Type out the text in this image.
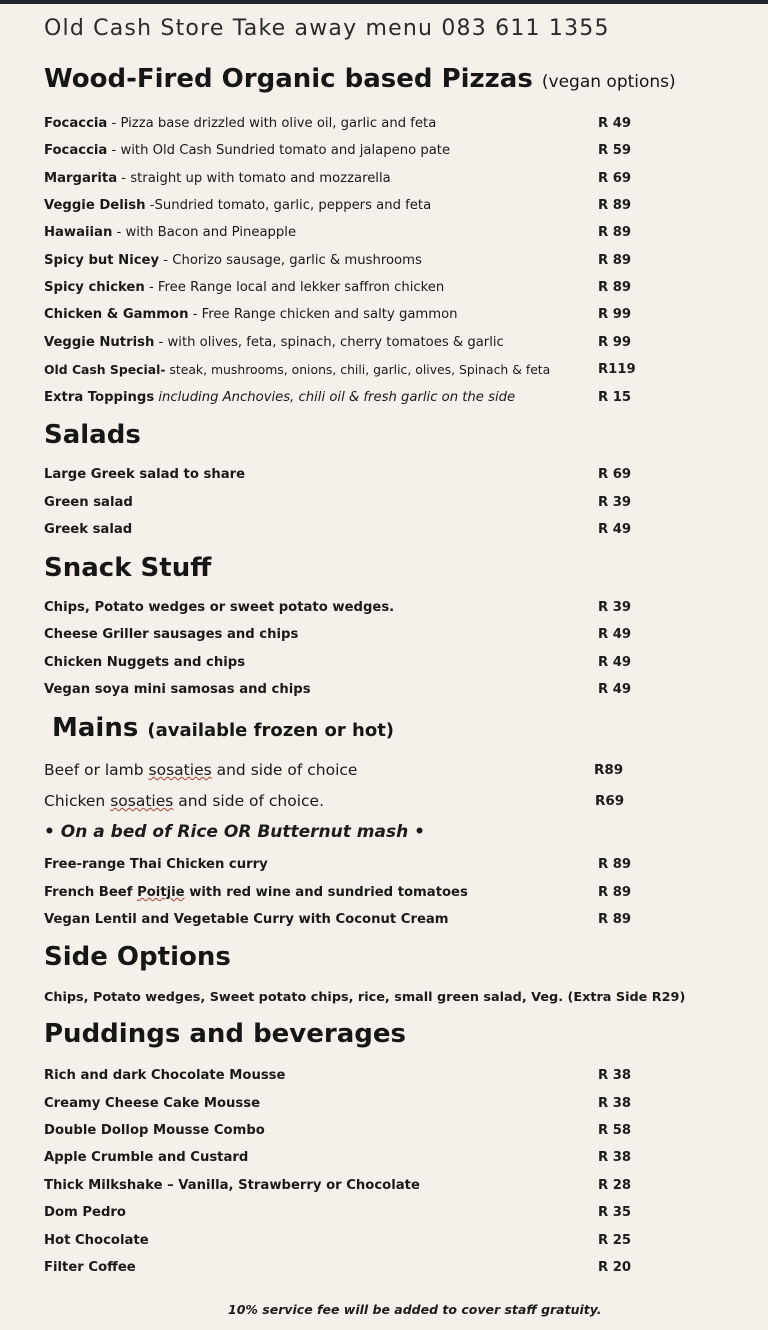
Old Cash Store Take away menu 083 611 1355
Wood-Fired Organic based Pizzas (vegan options)
Focaccia - Pizza base drizzled with olive oil, garlic and feta	R 49
Focaccia - with Old Cash Sundried tomato and jalapeno pate	R 59
Margarita - straight up with tomato and mozzarella	R 69
Veggie Delish -Sundried tomato, garlic, peppers and feta	R 89
Hawaiian - with Bacon and Pineapple	R 89
Spicy but Nicey - Chorizo sausage, garlic & mushrooms	R 89
Spicy chicken - Free Range local and lekker saffron chicken	R 89
Chicken & Gammon - Free Range chicken and salty gammon	R 99
Veggie Nutrish - with olives, feta, spinach, cherry tomatoes & garlic	R 99
Old Cash Special- steak, mushrooms, onions, chili, garlic, olives, Spinach & feta	R119
Extra Toppings including Anchovies, chili oil & fresh garlic on the side	R 15
Salads
Large Greek salad to share	R 69
Green salad	R 39
Greek salad	R 49
Snack Stuff
Chips, Potato wedges or sweet potato wedges.	R 39
Cheese Griller sausages and chips	R 49
Chicken Nuggets and chips	R 49
Vegan soya mini samosas and chips	R 49
Mains (available frozen or hot)
Beef or lamb sosaties and side of choice	R89
Chicken sosaties and side of choice.	R69
• On a bed of Rice OR Butternut mash •
Free-range Thai Chicken curry	R 89
French Beef Poitjie with red wine and sundried tomatoes	R 89
Vegan Lentil and Vegetable Curry with Coconut Cream	R 89
Side Options
Chips, Potato wedges, Sweet potato chips, rice, small green salad, Veg. (Extra Side R29)
Puddings and beverages
Rich and dark Chocolate Mousse	R 38
Creamy Cheese Cake Mousse	R 38
Double Dollop Mousse Combo	R 58
Apple Crumble and Custard	R 38
Thick Milkshake – Vanilla, Strawberry or Chocolate	R 28
Dom Pedro	R 35
Hot Chocolate	R 25
Filter Coffee	R 20
10% service fee will be added to cover staff gratuity.
